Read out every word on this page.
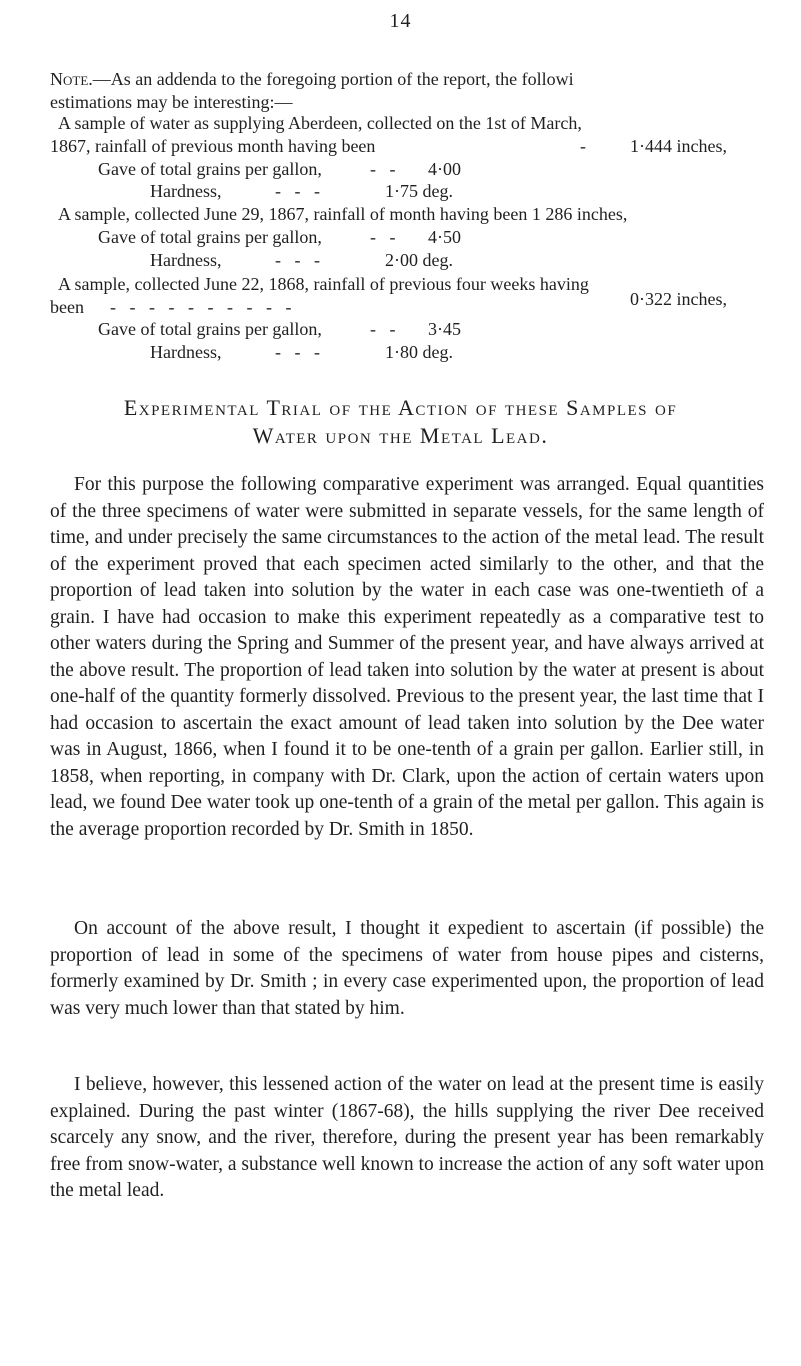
14
Note.—As an addenda to the foregoing portion of the report, the followi
estimations may be interesting:—
A sample of water as supplying Aberdeen, collected on the 1st of March,
1867, rainfall of previous month having been	- 1·444 inches,
Gave of total grains per gallon,	-   - 4·00
Hardness,	-   -   -	1·75 deg.
A sample, collected June 29, 1867, rainfall of month having been 1 286 inches,
Gave of total grains per gallon,	-   - 4·50
Hardness,	-   -   -	2·00 deg.
A sample, collected June 22, 1868, rainfall of previous four weeks having
been -   -   -   -   -   -   -   -   -   -	0·322 inches,
Gave of total grains per gallon,	-   - 3·45
Hardness,	-   -   -	1·80 deg.
Experimental Trial of the Action of these Samples of
Water upon the Metal Lead.

For this purpose the following comparative experiment was arranged. Equal quantities of the three specimens of water were submitted in separate vessels, for the same length of time, and under precisely the same circumstances to the action of the metal lead. The result of the experiment proved that each specimen acted similarly to the other, and that the proportion of lead taken into solution by the water in each case was one-twentieth of a grain. I have had occasion to make this experiment repeatedly as a comparative test to other waters during the Spring and Summer of the present year, and have always arrived at the above result. The proportion of lead taken into solution by the water at present is about one-half of the quantity formerly dissolved. Previous to the present year, the last time that I had occasion to ascertain the exact amount of lead taken into solution by the Dee water was in August, 1866, when I found it to be one-tenth of a grain per gallon. Earlier still, in 1858, when reporting, in company with Dr. Clark, upon the action of certain waters upon lead, we found Dee water took up one-tenth of a grain of the metal per gallon. This again is the average proportion recorded by Dr. Smith in 1850.

On account of the above result, I thought it expedient to ascertain (if possible) the proportion of lead in some of the specimens of water from house pipes and cisterns, formerly examined by Dr. Smith ; in every case experimented upon, the proportion of lead was very much lower than that stated by him.

I believe, however, this lessened action of the water on lead at the present time is easily explained. During the past winter (1867-68), the hills supplying the river Dee received scarcely any snow, and the river, therefore, during the present year has been remarkably free from snow-water, a substance well known to increase the action of any soft water upon the metal lead.
